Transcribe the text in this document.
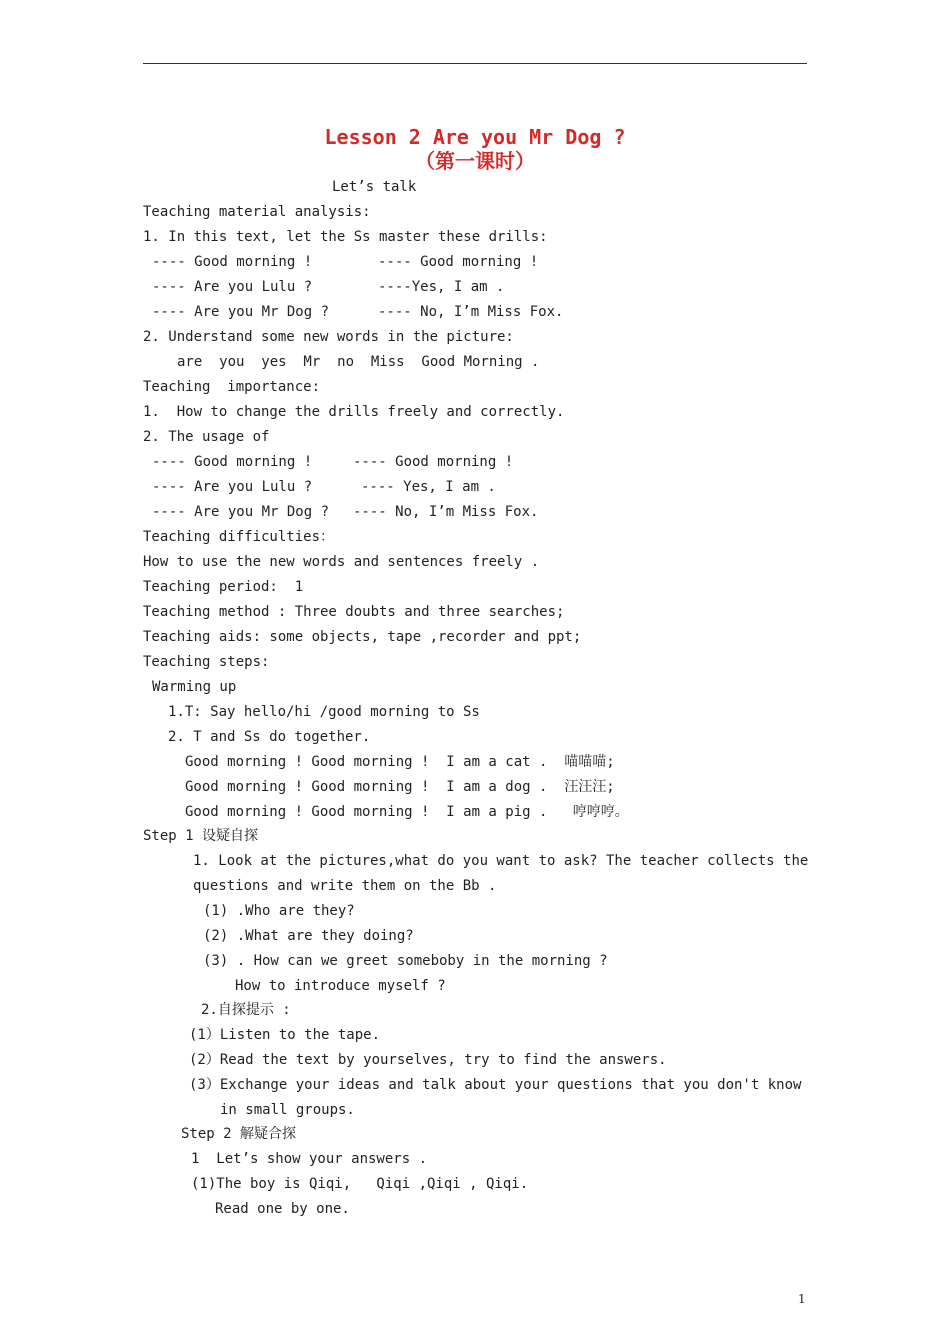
Lesson 2 Are you Mr Dog ?
（第一课时）
Let’s talk
Teaching material analysis:
1. In this text, let the Ss master these drills:
---- Good morning !	---- Good morning !
---- Are you Lulu ?	----Yes, I am .
---- Are you Mr Dog ?	---- No, I’m Miss Fox.
2. Understand some new words in the picture:
are  you  yes  Mr  no  Miss  Good Morning .
Teaching  importance:
1.  How to change the drills freely and correctly.
2. The usage of
---- Good morning !	---- Good morning !
---- Are you Lulu ?	---- Yes, I am .
---- Are you Mr Dog ? ---- No, I’m Miss Fox.
Teaching difficulties：
How to use the new words and sentences freely .
Teaching period:  1
Teaching method : Three doubts and three searches;
Teaching aids: some objects, tape ,recorder and ppt;
Teaching steps:
Warming up
1.T: Say hello/hi /good morning to Ss
2. T and Ss do together.
Good morning ! Good morning !  I am a cat .  喵喵喵;
Good morning ! Good morning !  I am a dog .  汪汪汪;
Good morning ! Good morning !  I am a pig .   哼哼哼。
Step 1 设疑自探
1. Look at the pictures,what do you want to ask? The teacher collects the
questions and write them on the Bb .
(1) .Who are they?
(2) .What are they doing?
(3) . How can we greet someboby in the morning ?
How to introduce myself ?
2.自探提示 :
(1）Listen to the tape.
(2）Read the text by yourselves, try to find the answers.
(3）Exchange your ideas and talk about your questions that you don't know
in small groups.
Step 2 解疑合探
1  Let’s show your answers .
(1)The boy is Qiqi,   Qiqi ,Qiqi , Qiqi.
Read one by one.
1
